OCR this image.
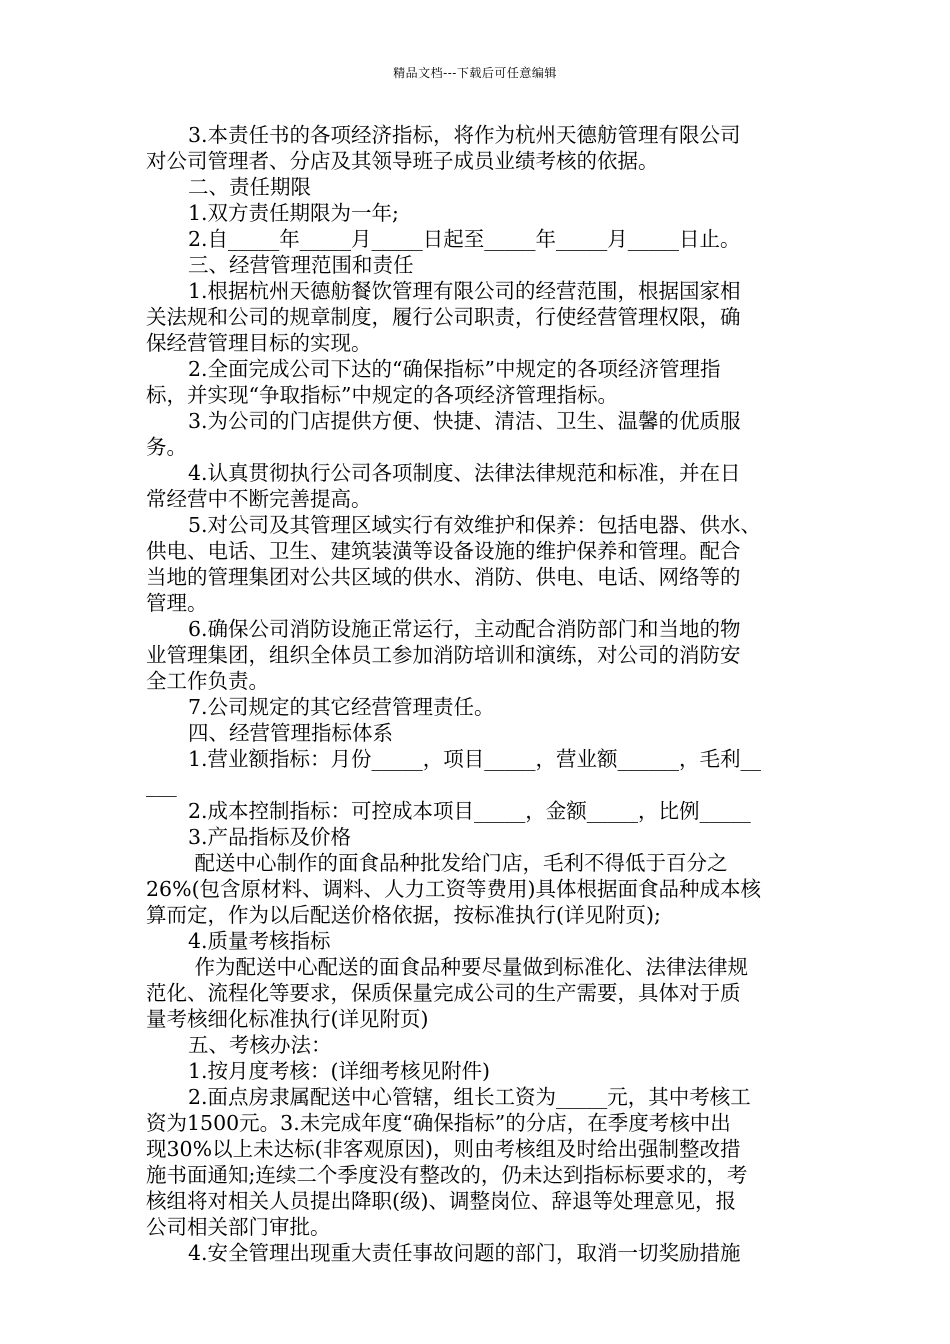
精品文档---下载后可任意编辑
3.本责任书的各项经济指标，将作为杭州天德舫管理有限公司
对公司管理者、分店及其领导班子成员业绩考核的依据。
二、责任期限
1.双方责任期限为一年;
2.自_____年_____月_____日起至_____年_____月_____日止。
三、经营管理范围和责任
1.根据杭州天德舫餐饮管理有限公司的经营范围，根据国家相
关法规和公司的规章制度，履行公司职责，行使经营管理权限，确
保经营管理目标的实现。
2.全面完成公司下达的“确保指标”中规定的各项经济管理指
标，并实现“争取指标”中规定的各项经济管理指标。
3.为公司的门店提供方便、快捷、清洁、卫生、温馨的优质服
务。
4.认真贯彻执行公司各项制度、法律法律规范和标准，并在日
常经营中不断完善提高。
5.对公司及其管理区域实行有效维护和保养：包括电器、供水、
供电、电话、卫生、建筑装潢等设备设施的维护保养和管理。配合
当地的管理集团对公共区域的供水、消防、供电、电话、网络等的
管理。
6.确保公司消防设施正常运行，主动配合消防部门和当地的物
业管理集团，组织全体员工参加消防培训和演练，对公司的消防安
全工作负责。
7.公司规定的其它经营管理责任。
四、经营管理指标体系
1.营业额指标：月份_____，项目_____，营业额______，毛利__
___
2.成本控制指标：可控成本项目_____，金额_____，比例_____
3.产品指标及价格
配送中心制作的面食品种批发给门店，毛利不得低于百分之
26%(包含原材料、调料、人力工资等费用)具体根据面食品种成本核
算而定，作为以后配送价格依据，按标准执行(详见附页);
4.质量考核指标
作为配送中心配送的面食品种要尽量做到标准化、法律法律规
范化、流程化等要求，保质保量完成公司的生产需要，具体对于质
量考核细化标准执行(详见附页)
五、考核办法：
1.按月度考核：(详细考核见附件)
2.面点房隶属配送中心管辖，组长工资为_____元，其中考核工
资为1500元。3.未完成年度“确保指标”的分店，在季度考核中出
现30%以上未达标(非客观原因)，则由考核组及时给出强制整改措
施书面通知;连续二个季度没有整改的，仍未达到指标标要求的，考
核组将对相关人员提出降职(级)、调整岗位、辞退等处理意见，报
公司相关部门审批。
4.安全管理出现重大责任事故问题的部门，取消一切奖励措施
